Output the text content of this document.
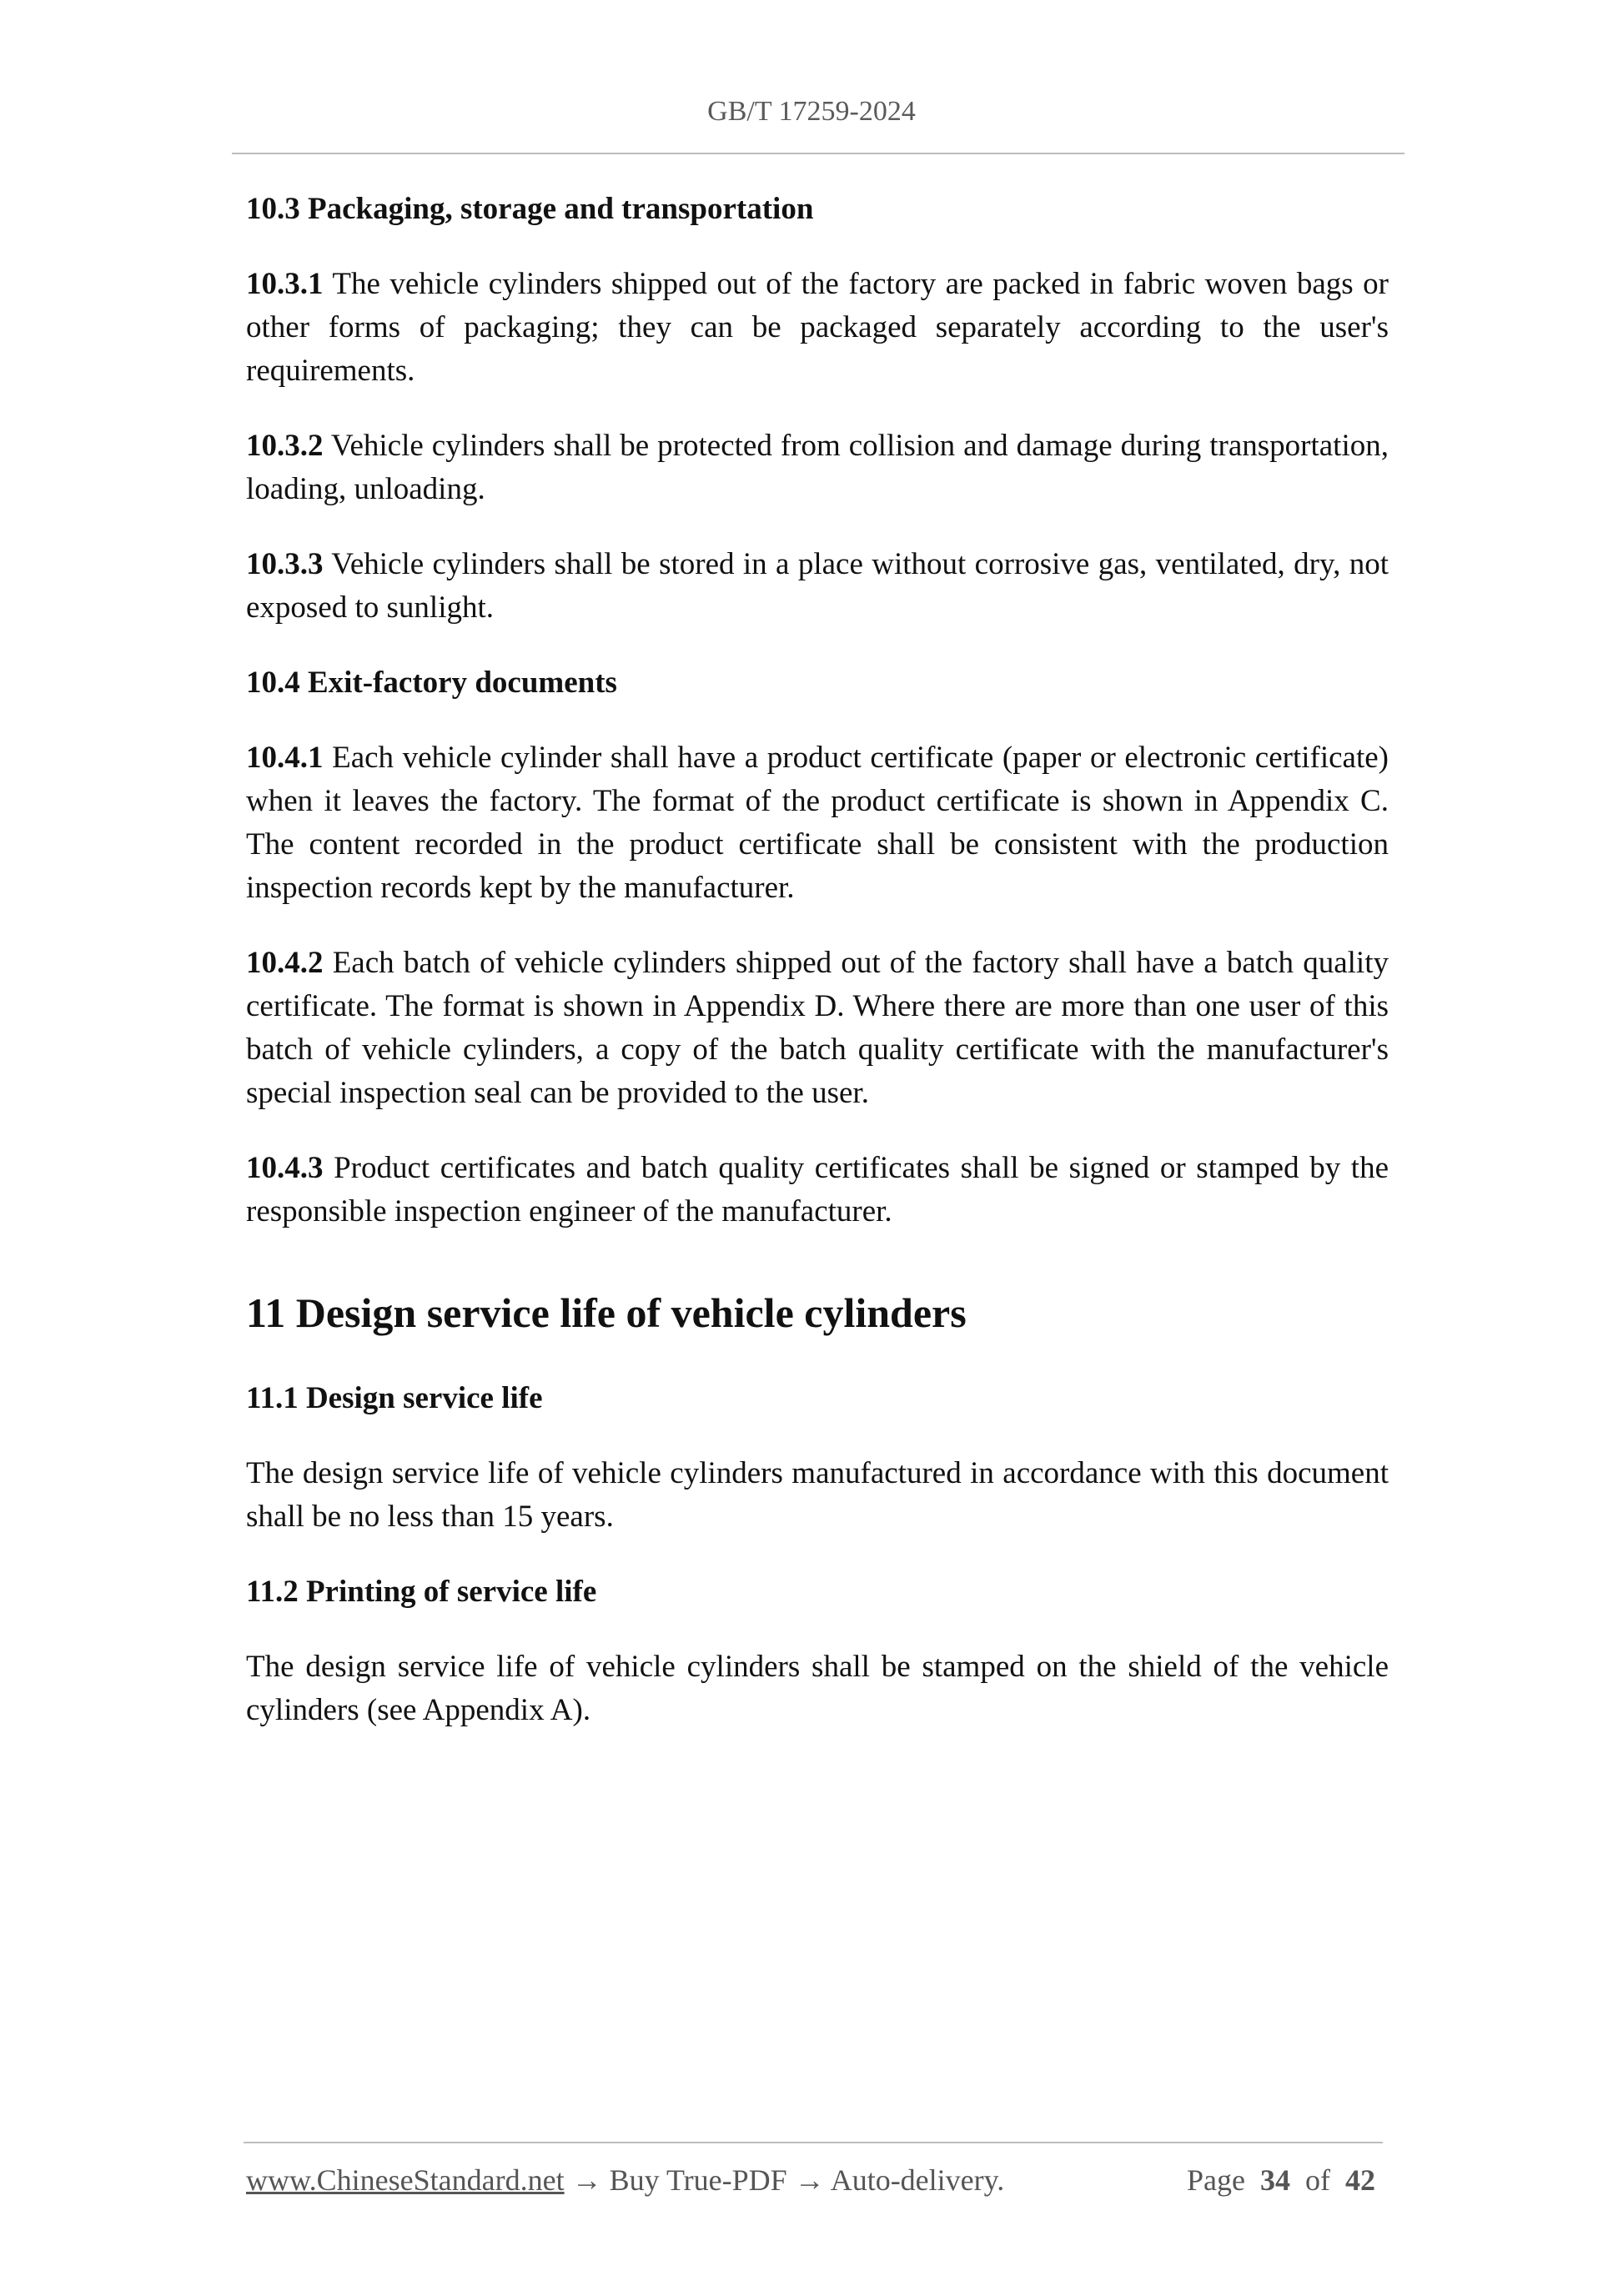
GB/T 17259-2024
10.3 Packaging, storage and transportation
10.3.1 The vehicle cylinders shipped out of the factory are packed in fabric woven bags or other forms of packaging; they can be packaged separately according to the user's requirements.
10.3.2 Vehicle cylinders shall be protected from collision and damage during transportation, loading, unloading.
10.3.3 Vehicle cylinders shall be stored in a place without corrosive gas, ventilated, dry, not exposed to sunlight.
10.4 Exit-factory documents
10.4.1 Each vehicle cylinder shall have a product certificate (paper or electronic certificate) when it leaves the factory. The format of the product certificate is shown in Appendix C. The content recorded in the product certificate shall be consistent with the production inspection records kept by the manufacturer.
10.4.2 Each batch of vehicle cylinders shipped out of the factory shall have a batch quality certificate. The format is shown in Appendix D. Where there are more than one user of this batch of vehicle cylinders, a copy of the batch quality certificate with the manufacturer's special inspection seal can be provided to the user.
10.4.3 Product certificates and batch quality certificates shall be signed or stamped by the responsible inspection engineer of the manufacturer.
11 Design service life of vehicle cylinders
11.1 Design service life
The design service life of vehicle cylinders manufactured in accordance with this document shall be no less than 15 years.
11.2 Printing of service life
The design service life of vehicle cylinders shall be stamped on the shield of the vehicle cylinders (see Appendix A).
www.ChineseStandard.net → Buy True-PDF → Auto-delivery.	Page 34 of 42
